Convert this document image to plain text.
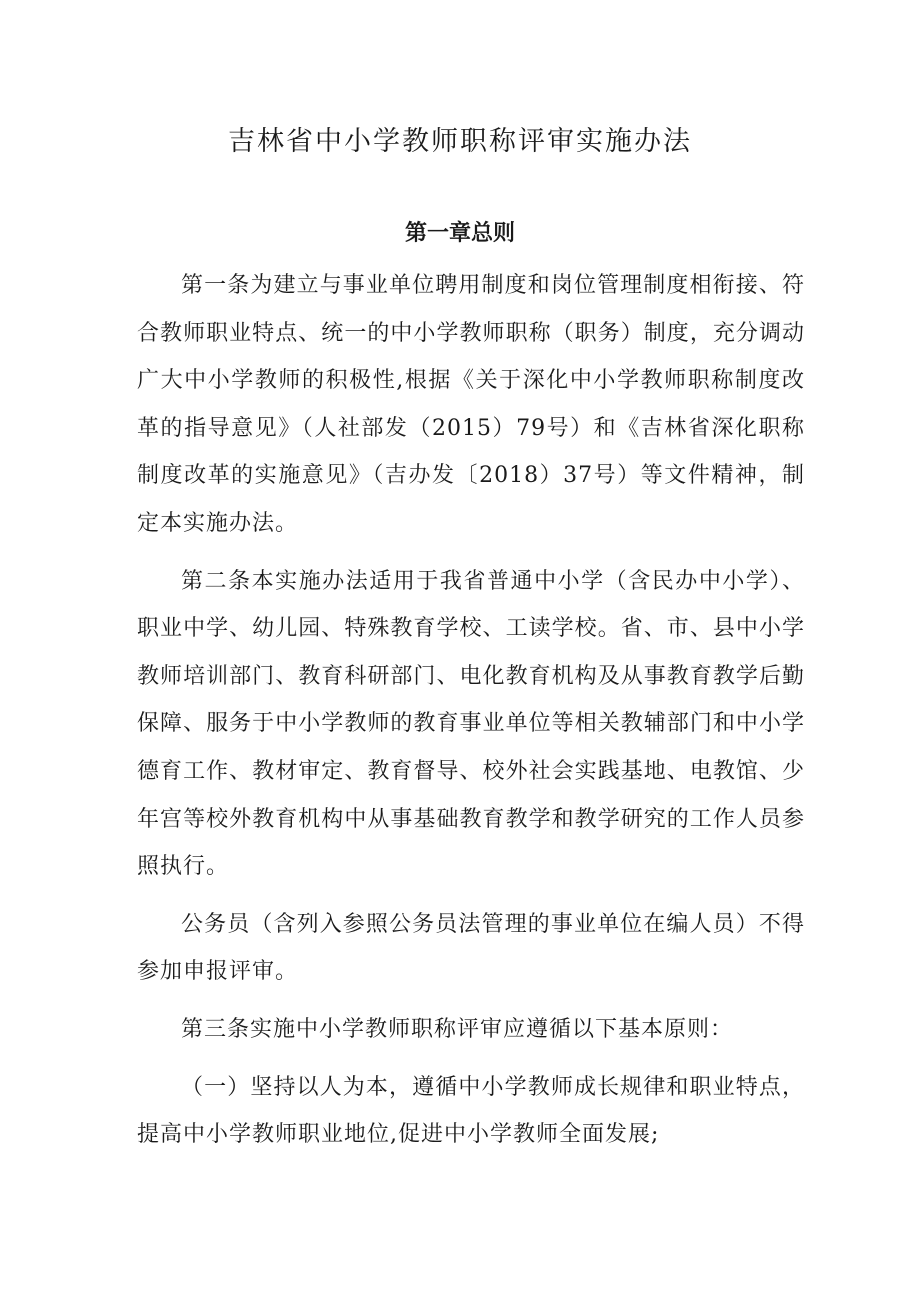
吉林省中小学教师职称评审实施办法
第一章总则

第一条为建立与事业单位聘用制度和岗位管理制度相衔接、符合教师职业特点、统一的中小学教师职称（职务）制度，充分调动广大中小学教师的积极性,根据《关于深化中小学教师职称制度改革的指导意见》（人社部发（2015）79号）和《吉林省深化职称制度改革的实施意见》（吉办发〔2018）37号）等文件精神，制定本实施办法。

第二条本实施办法适用于我省普通中小学（含民办中小学）、职业中学、幼儿园、特殊教育学校、工读学校。省、市、县中小学教师培训部门、教育科研部门、电化教育机构及从事教育教学后勤保障、服务于中小学教师的教育事业单位等相关教辅部门和中小学德育工作、教材审定、教育督导、校外社会实践基地、电教馆、少年宫等校外教育机构中从事基础教育教学和教学研究的工作人员参照执行。

公务员（含列入参照公务员法管理的事业单位在编人员）不得参加申报评审。

第三条实施中小学教师职称评审应遵循以下基本原则：

（一）坚持以人为本，遵循中小学教师成长规律和职业特点，提高中小学教师职业地位,促进中小学教师全面发展;
